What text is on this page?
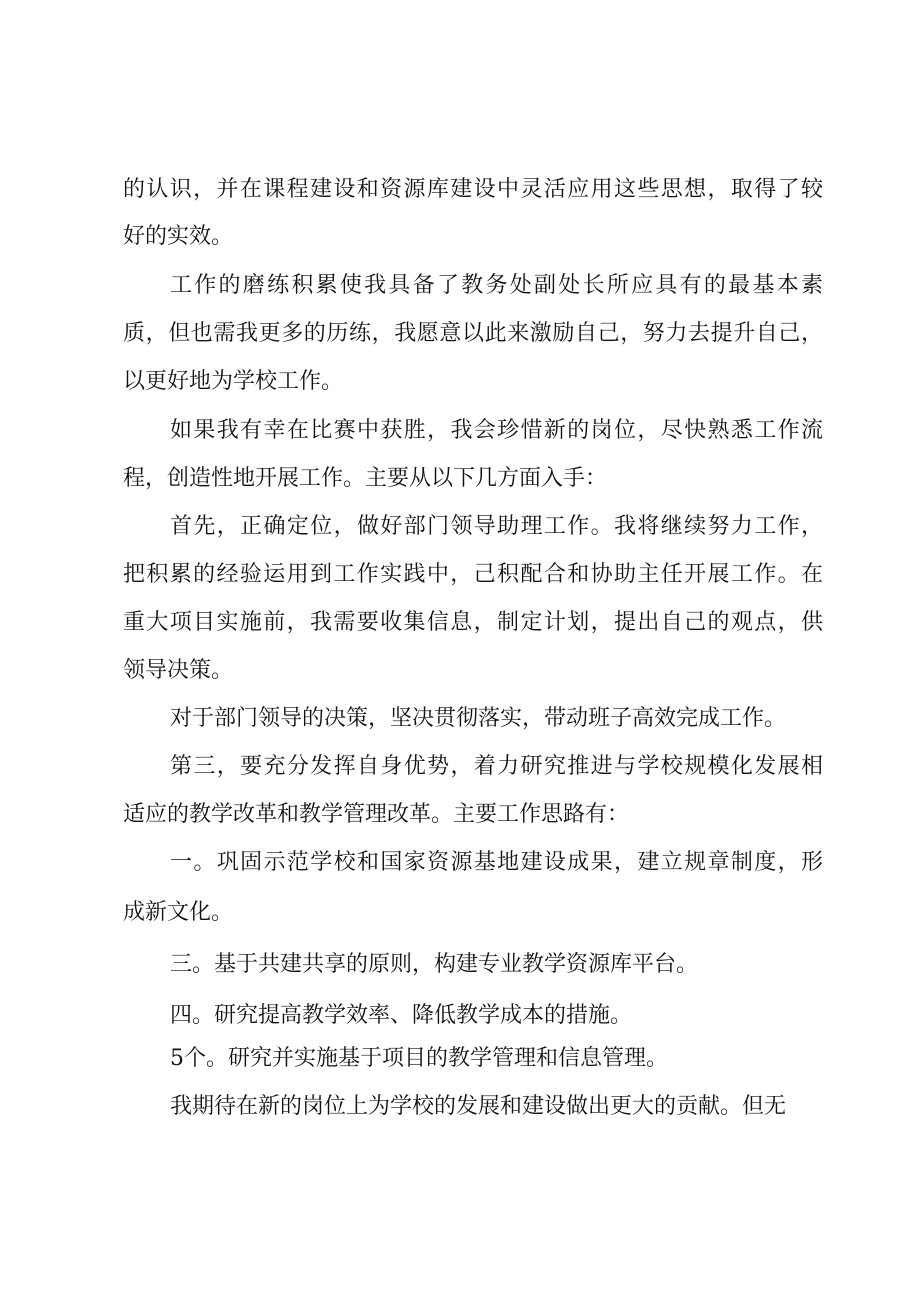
的认识，并在课程建设和资源库建设中灵活应用这些思想，取得了较
好的实效。
工作的磨练积累使我具备了教务处副处长所应具有的最基本素
质，但也需我更多的历练，我愿意以此来激励自己，努力去提升自己，
以更好地为学校工作。
如果我有幸在比赛中获胜，我会珍惜新的岗位，尽快熟悉工作流
程，创造性地开展工作。主要从以下几方面入手：
首先，正确定位，做好部门领导助理工作。我将继续努力工作，
把积累的经验运用到工作实践中，己积配合和协助主任开展工作。在
重大项目实施前，我需要收集信息，制定计划，提出自己的观点，供
领导决策。
对于部门领导的决策，坚决贯彻落实，带动班子高效完成工作。
第三，要充分发挥自身优势，着力研究推进与学校规模化发展相
适应的教学改革和教学管理改革。主要工作思路有：
一。巩固示范学校和国家资源基地建设成果，建立规章制度，形
成新文化。
三。基于共建共享的原则，构建专业教学资源库平台。
四。研究提高教学效率、降低教学成本的措施。
5个。研究并实施基于项目的教学管理和信息管理。
我期待在新的岗位上为学校的发展和建设做出更大的贡献。但无
